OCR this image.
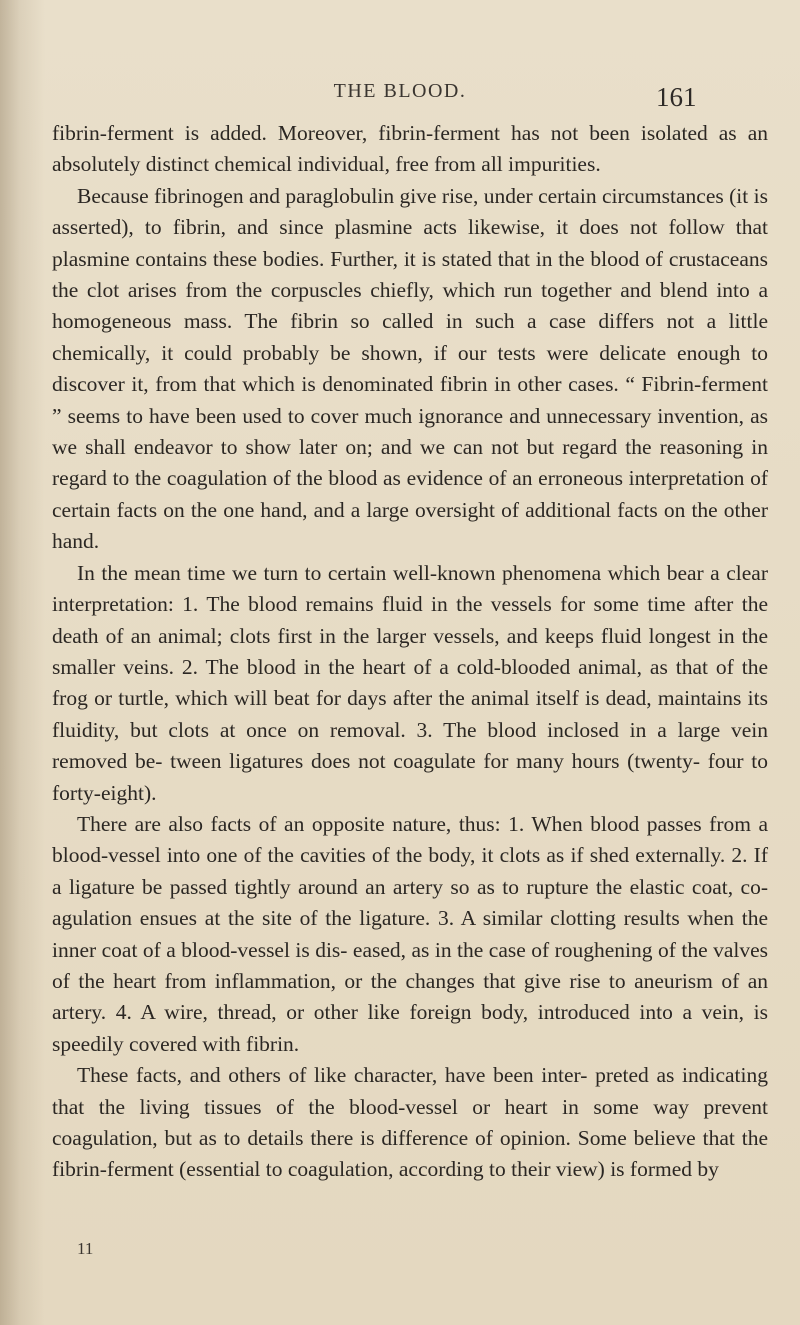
THE BLOOD.	161

fibrin-ferment is added. Moreover, fibrin-ferment has not been isolated as an absolutely distinct chemical individual, free from all impurities.

Because fibrinogen and paraglobulin give rise, under certain circumstances (it is asserted), to fibrin, and since plasmine acts likewise, it does not follow that plasmine contains these bodies. Further, it is stated that in the blood of crustaceans the clot arises from the corpuscles chiefly, which run together and blend into a homogeneous mass. The fibrin so called in such a case differs not a little chemically, it could probably be shown, if our tests were delicate enough to discover it, from that which is denominated fibrin in other cases. “ Fibrin-ferment ” seems to have been used to cover much ignorance and unnecessary invention, as we shall endeavor to show later on; and we can not but regard the reasoning in regard to the coagulation of the blood as evidence of an erroneous interpretation of certain facts on the one hand, and a large oversight of additional facts on the other hand.

In the mean time we turn to certain well-known phenomena which bear a clear interpretation: 1. The blood remains fluid in the vessels for some time after the death of an animal; clots first in the larger vessels, and keeps fluid longest in the smaller veins. 2. The blood in the heart of a cold-blooded animal, as that of the frog or turtle, which will beat for days after the animal itself is dead, maintains its fluidity, but clots at once on removal. 3. The blood inclosed in a large vein removed be- tween ligatures does not coagulate for many hours (twenty- four to forty-eight).

There are also facts of an opposite nature, thus: 1. When blood passes from a blood-vessel into one of the cavities of the body, it clots as if shed externally. 2. If a ligature be passed tightly around an artery so as to rupture the elastic coat, co- agulation ensues at the site of the ligature. 3. A similar clotting results when the inner coat of a blood-vessel is dis- eased, as in the case of roughening of the valves of the heart from inflammation, or the changes that give rise to aneurism of an artery. 4. A wire, thread, or other like foreign body, introduced into a vein, is speedily covered with fibrin.

These facts, and others of like character, have been inter- preted as indicating that the living tissues of the blood-vessel or heart in some way prevent coagulation, but as to details there is difference of opinion. Some believe that the fibrin-ferment (essential to coagulation, according to their view) is formed by

11
